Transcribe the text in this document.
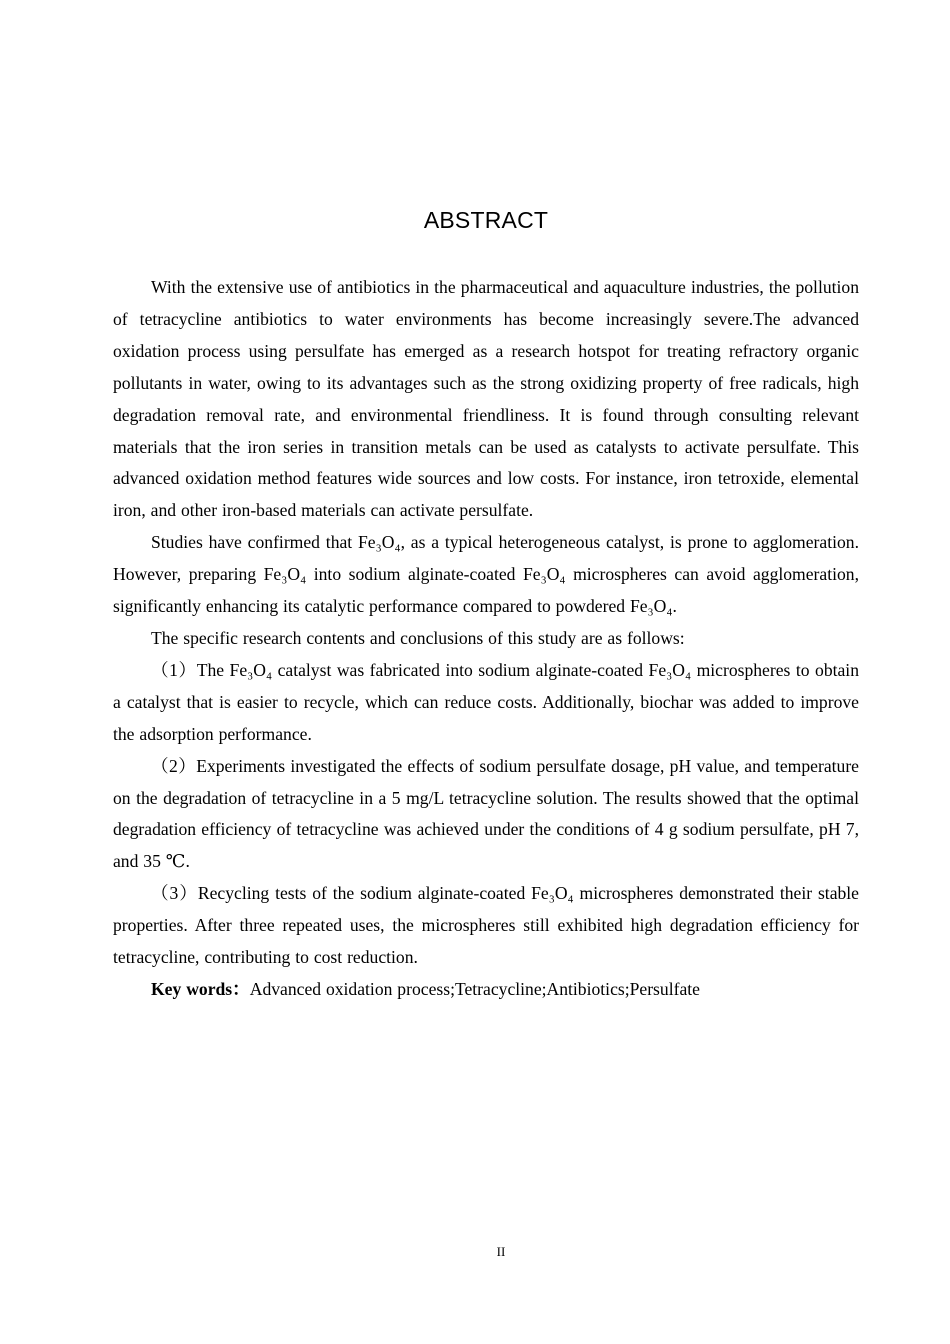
ABSTRACT

With the extensive use of antibiotics in the pharmaceutical and aquaculture industries, the pollution of tetracycline antibiotics to water environments has become increasingly severe.The advanced oxidation process using persulfate has emerged as a research hotspot for treating refractory organic pollutants in water, owing to its advantages such as the strong oxidizing property of free radicals, high degradation removal rate, and environmental friendliness. It is found through consulting relevant materials that the iron series in transition metals can be used as catalysts to activate persulfate. This advanced oxidation method features wide sources and low costs. For instance, iron tetroxide, elemental iron, and other iron-based materials can activate persulfate.

Studies have confirmed that Fe₃O₄, as a typical heterogeneous catalyst, is prone to agglomeration. However, preparing Fe₃O₄ into sodium alginate-coated Fe₃O₄ microspheres can avoid agglomeration, significantly enhancing its catalytic performance compared to powdered Fe₃O₄.

The specific research contents and conclusions of this study are as follows:

（1）The Fe₃O₄ catalyst was fabricated into sodium alginate-coated Fe₃O₄ microspheres to obtain a catalyst that is easier to recycle, which can reduce costs. Additionally, biochar was added to improve the adsorption performance.

（2）Experiments investigated the effects of sodium persulfate dosage, pH value, and temperature on the degradation of tetracycline in a 5 mg/L tetracycline solution. The results showed that the optimal degradation efficiency of tetracycline was achieved under the conditions of 4 g sodium persulfate, pH 7, and 35 ℃.

（3）Recycling tests of the sodium alginate-coated Fe₃O₄ microspheres demonstrated their stable properties. After three repeated uses, the microspheres still exhibited high degradation efficiency for tetracycline, contributing to cost reduction.

Key words：Advanced oxidation process;Tetracycline;Antibiotics;Persulfate

II
